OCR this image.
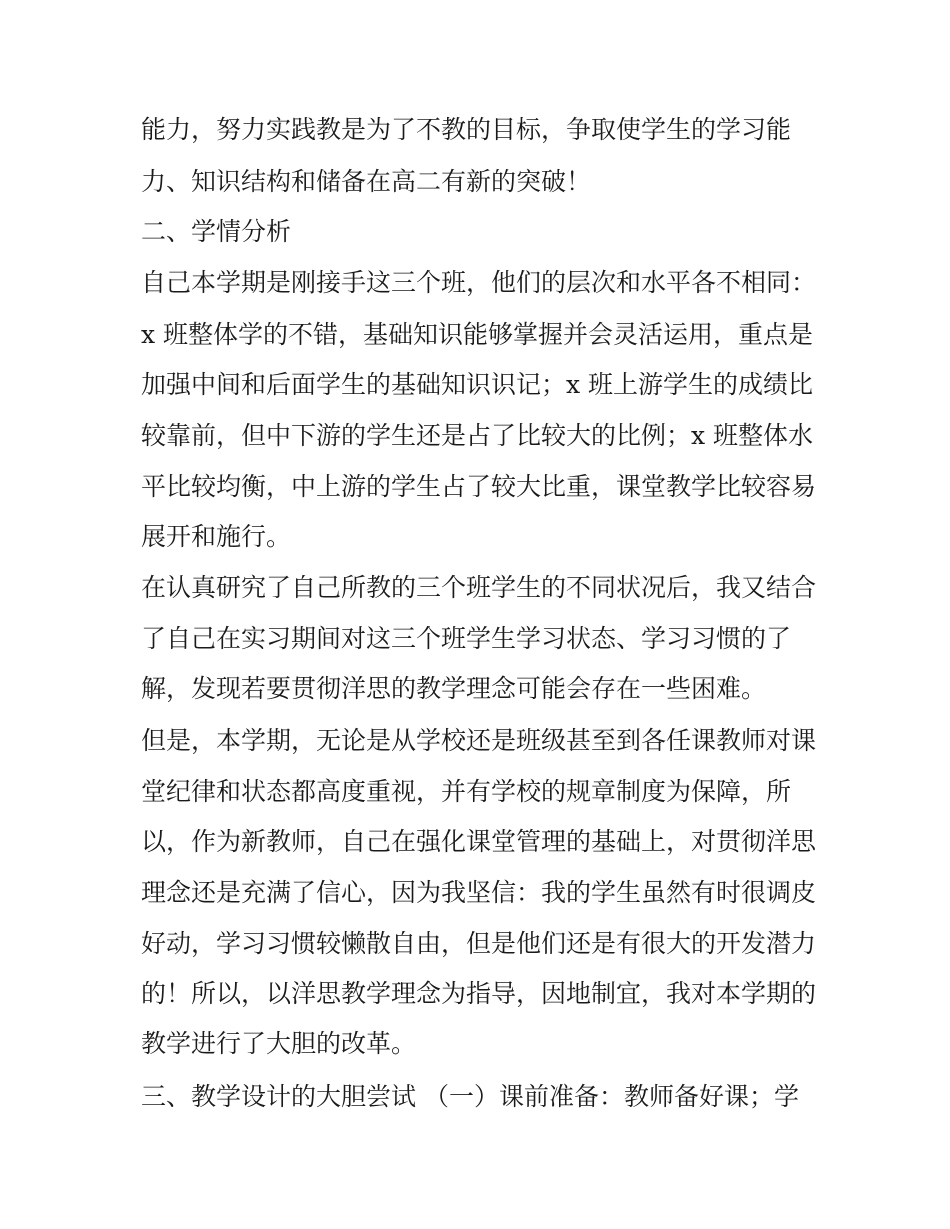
能力，努力实践教是为了不教的目标，争取使学生的学习能
力、知识结构和储备在高二有新的突破！
二、学情分析
自己本学期是刚接手这三个班，他们的层次和水平各不相同：
x 班整体学的不错，基础知识能够掌握并会灵活运用，重点是
加强中间和后面学生的基础知识识记；x 班上游学生的成绩比
较靠前，但中下游的学生还是占了比较大的比例；x 班整体水
平比较均衡，中上游的学生占了较大比重，课堂教学比较容易
展开和施行。
在认真研究了自己所教的三个班学生的不同状况后，我又结合
了自己在实习期间对这三个班学生学习状态、学习习惯的了
解，发现若要贯彻洋思的教学理念可能会存在一些困难。
但是，本学期，无论是从学校还是班级甚至到各任课教师对课
堂纪律和状态都高度重视，并有学校的规章制度为保障，所
以，作为新教师，自己在强化课堂管理的基础上，对贯彻洋思
理念还是充满了信心，因为我坚信：我的学生虽然有时很调皮
好动，学习习惯较懒散自由，但是他们还是有很大的开发潜力
的！所以，以洋思教学理念为指导，因地制宜，我对本学期的
教学进行了大胆的改革。
三、教学设计的大胆尝试 （一）课前准备：教师备好课；学
